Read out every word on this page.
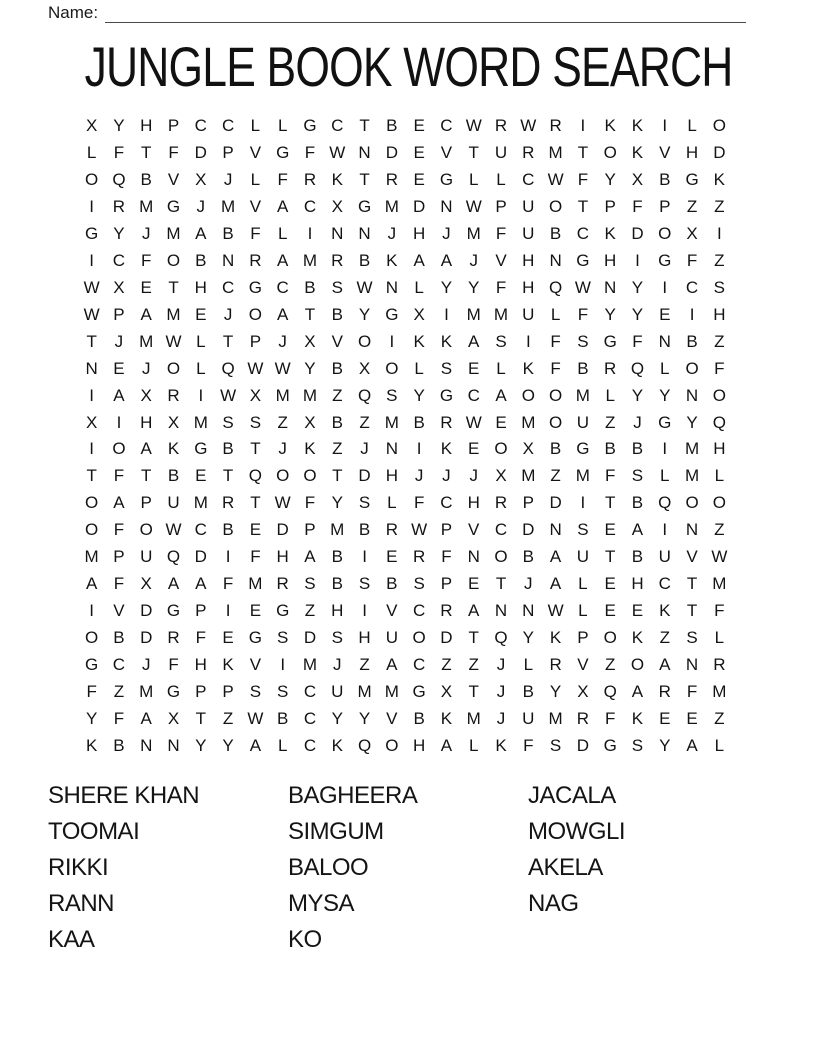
Name:
JUNGLE BOOK WORD SEARCH
X Y H P C C L	L G C T B E C W R W R	I	K K	I	L O
L	F T F D P V G F W N D E V T U R M T O K V H D
O Q B V X	J	L	F R K T R E G L	L C W F Y X B G K
I	R M G J M V A C X G M D N W P U O T P F P Z Z
G Y	J M A B F	L	I	N N J H J M F U B C K D O X	I
I	C F O B N R A M R B K A A	J	V H N G H	I	G F Z
W X E T H C G C B S W N L Y Y F H Q W N Y	I	C S
W P A M E	J O A T B Y G X	I	M M U L	F Y Y E	I	H
T	J M W L	T P	J	X V O	I	K K A S	I	F S G F N B Z
N E	J O L Q W W Y B X O L S E L K F B R Q L O F
I	A X R	I W X M M Z Q S Y G C A O O M L Y Y N O
X	I	H X M S S Z X B Z M B R W E M O U Z	J G Y Q
I	O A K G B T	J	K Z	J N	I	K E O X B G B B	I	M H
T F T B E T Q O O T D H J	J	J	X M Z M F S L M L
O A P U M R T W F Y S L	F C H R P D	I	T B Q O O
O F O W C B E D P M B R W P V C D N S E A	I	N Z
M P U Q D	I	F H A B	I	E R F N O B A U T B U V W
A F X A A F M R S B S B S P E T	J	A L E H C T M
I	V D G P	I	E G Z H	I	V C R A N N W L E E K T F
O B D R F E G S D S H U O D T Q Y K P O K Z S L
G C J	F H K V	I	M J	Z A C Z Z	J	L R V Z O A N R
F Z M G P P S S C U M M G X T	J	B Y X Q A R F M
Y F A X T Z W B C Y Y V B K M J U M R F K E E Z
K B N N Y Y A L C K Q O H A L K F S D G S Y A L
SHERE KHAN
TOOMAI
RIKKI
RANN
KAA
BAGHEERA
SIMGUM
BALOO
MYSA
KO
JACALA
MOWGLI
AKELA
NAG
